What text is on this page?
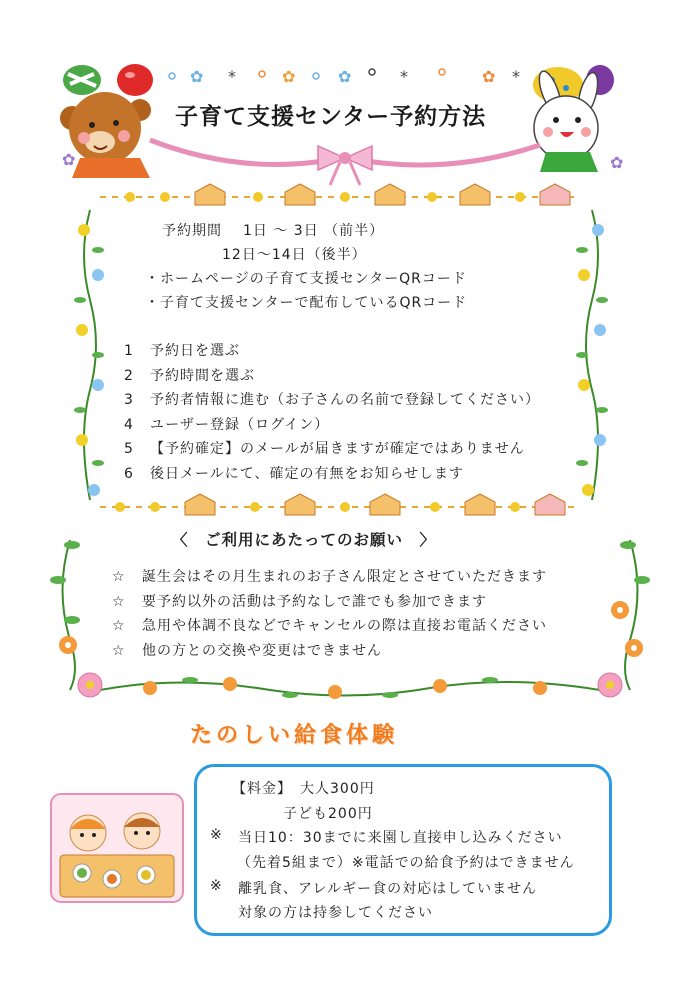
✿ *	✿	✿	*	✿ *
✿	✿
子育て支援センター予約方法
予約期間 1日 ～ 3日 （前半）
12日～14日（後半）
・ホームページの子育て支援センターQRコード
・子育て支援センターで配布しているQRコード
1 予約日を選ぶ
2 予約時間を選ぶ
3 予約者情報に進む（お子さんの名前で登録してください）
4 ユーザー登録（ログイン）
5 【予約確定】のメールが届きますが確定ではありません
6 後日メールにて、確定の有無をお知らせします
〈　ご利用にあたってのお願い　〉
☆ 誕生会はその月生まれのお子さん限定とさせていただきます
☆ 要予約以外の活動は予約なしで誰でも参加できます
☆ 急用や体調不良などでキャンセルの際は直接お電話ください
☆ 他の方との交換や変更はできません
たのしい給食体験
【料金】 大人300円
子ども200円
※ 当日10：30までに来園し直接申し込みください
（先着5組まで）※電話での給食予約はできません
※ 離乳食、アレルギー食の対応はしていません
対象の方は持参してください
